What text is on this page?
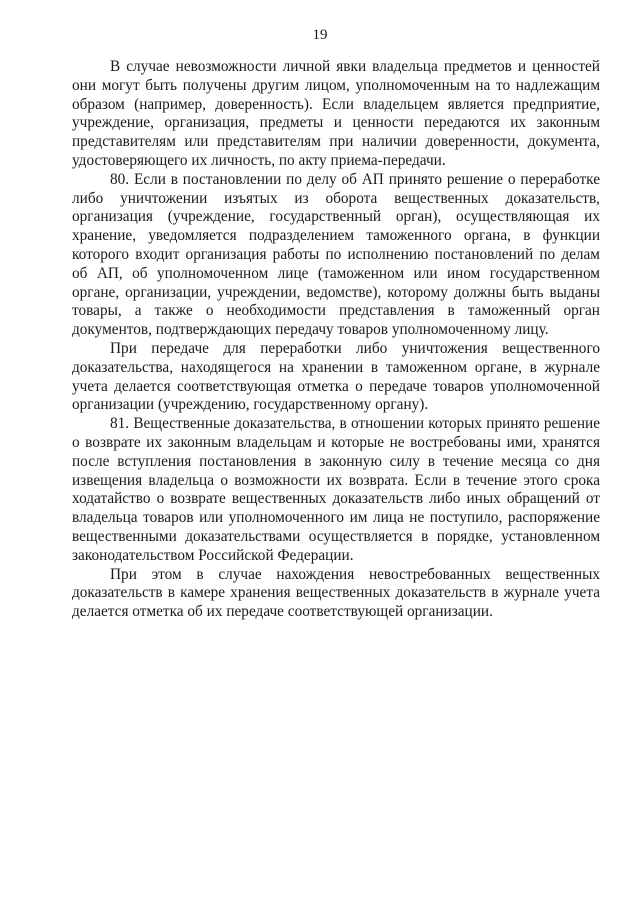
19

В случае невозможности личной явки владельца предметов и ценностей они могут быть получены другим лицом, уполномоченным на то надлежащим образом (например, доверенность). Если владельцем является предприятие, учреждение, организация, предметы и ценности передаются их законным представителям или представителям при наличии доверенности, документа, удостоверяющего их личность, по акту приема-передачи.

80. Если в постановлении по делу об АП принято решение о переработке либо уничтожении изъятых из оборота вещественных доказательств, организация (учреждение, государственный орган), осуществляющая их хранение, уведомляется подразделением таможенного органа, в функции которого входит организация работы по исполнению постановлений по делам об АП, об уполномоченном лице (таможенном или ином государственном органе, организации, учреждении, ведомстве), которому должны быть выданы товары, а также о необходимости представления в таможенный орган документов, подтверждающих передачу товаров уполномоченному лицу.

При передаче для переработки либо уничтожения вещественного доказательства, находящегося на хранении в таможенном органе, в журнале учета делается соответствующая отметка о передаче товаров уполномоченной организации (учреждению, государственному органу).

81. Вещественные доказательства, в отношении которых принято решение о возврате их законным владельцам и которые не востребованы ими, хранятся после вступления постановления в законную силу в течение месяца со дня извещения владельца о возможности их возврата. Если в течение этого срока ходатайство о возврате вещественных доказательств либо иных обращений от владельца товаров или уполномоченного им лица не поступило, распоряжение вещественными доказательствами осуществляется в порядке, установленном законодательством Российской Федерации.

При этом в случае нахождения невостребованных вещественных доказательств в камере хранения вещественных доказательств в журнале учета делается отметка об их передаче соответствующей организации.
